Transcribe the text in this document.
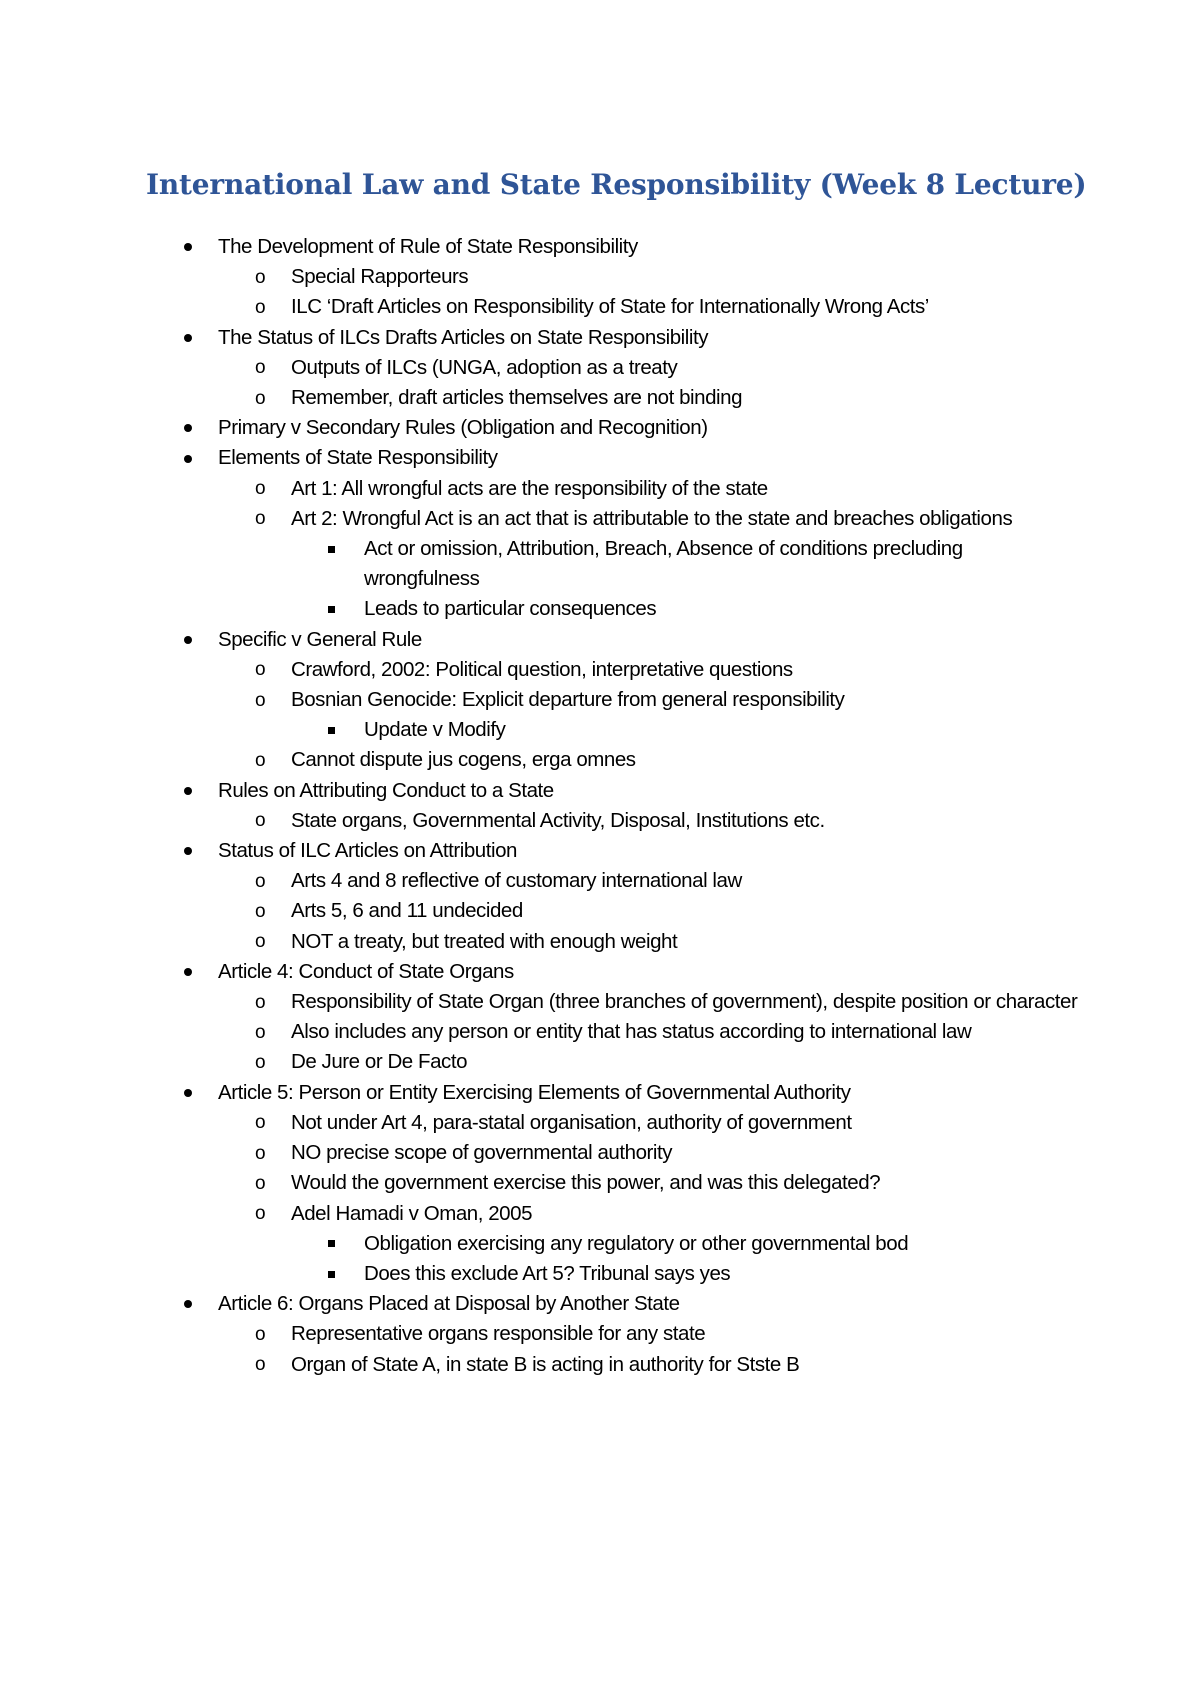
International Law and State Responsibility (Week 8 Lecture)
The Development of Rule of State Responsibility
o Special Rapporteurs
o ILC ‘Draft Articles on Responsibility of State for Internationally Wrong Acts’
The Status of ILCs Drafts Articles on State Responsibility
o Outputs of ILCs (UNGA, adoption as a treaty
o Remember, draft articles themselves are not binding
Primary v Secondary Rules (Obligation and Recognition)
Elements of State Responsibility
o Art 1: All wrongful acts are the responsibility of the state
o Art 2: Wrongful Act is an act that is attributable to the state and breaches obligations
Act or omission, Attribution, Breach, Absence of conditions precluding wrongfulness
Leads to particular consequences
Specific v General Rule
o Crawford, 2002: Political question, interpretative questions
o Bosnian Genocide: Explicit departure from general responsibility
Update v Modify
o Cannot dispute jus cogens, erga omnes
Rules on Attributing Conduct to a State
o State organs, Governmental Activity, Disposal, Institutions etc.
Status of ILC Articles on Attribution
o Arts 4 and 8 reflective of customary international law
o Arts 5, 6 and 11 undecided
o NOT a treaty, but treated with enough weight
Article 4: Conduct of State Organs
o Responsibility of State Organ (three branches of government), despite position or character
o Also includes any person or entity that has status according to international law
o De Jure or De Facto
Article 5: Person or Entity Exercising Elements of Governmental Authority
o Not under Art 4, para-statal organisation, authority of government
o NO precise scope of governmental authority
o Would the government exercise this power, and was this delegated?
o Adel Hamadi v Oman, 2005
Obligation exercising any regulatory or other governmental bod
Does this exclude Art 5? Tribunal says yes
Article 6: Organs Placed at Disposal by Another State
o Representative organs responsible for any state
o Organ of State A, in state B is acting in authority for Stste B
